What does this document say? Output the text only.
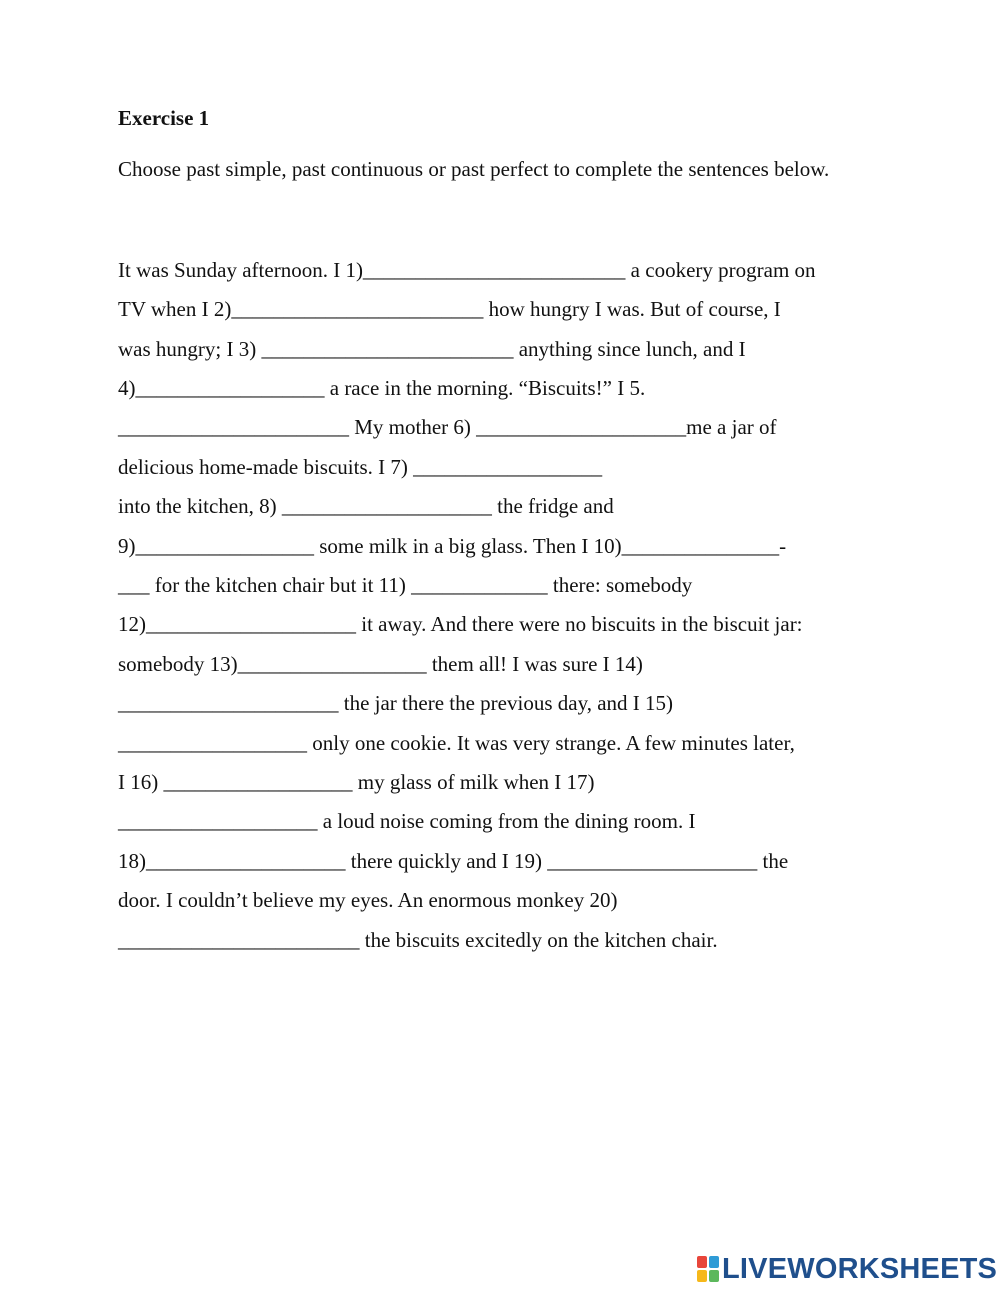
Exercise 1
Choose past simple, past continuous or past perfect to complete the sentences below.
It was Sunday afternoon. I 1)_________________________ a cookery program on
TV when I 2)________________________ how hungry I was. But of course, I
was hungry; I 3) ________________________ anything since lunch, and I
4)__________________ a race in the morning. “Biscuits!” I 5.
______________________ My mother 6) ____________________me a jar of
delicious home-made biscuits. I 7) __________________
into the kitchen, 8) ____________________ the fridge and
9)_________________ some milk in a big glass. Then I 10)_______________-
___ for the kitchen chair but it 11) _____________ there: somebody
12)____________________ it away. And there were no biscuits in the biscuit jar:
somebody 13)__________________ them all! I was sure I 14)
_____________________ the jar there the previous day, and I 15)
__________________ only one cookie. It was very strange. A few minutes later,
I 16) __________________ my glass of milk when I 17)
___________________ a loud noise coming from the dining room. I
18)___________________ there quickly and I 19) ____________________ the
door. I couldn’t believe my eyes. An enormous monkey 20)
_______________________ the biscuits excitedly on the kitchen chair.
LIVEWORKSHEETS
